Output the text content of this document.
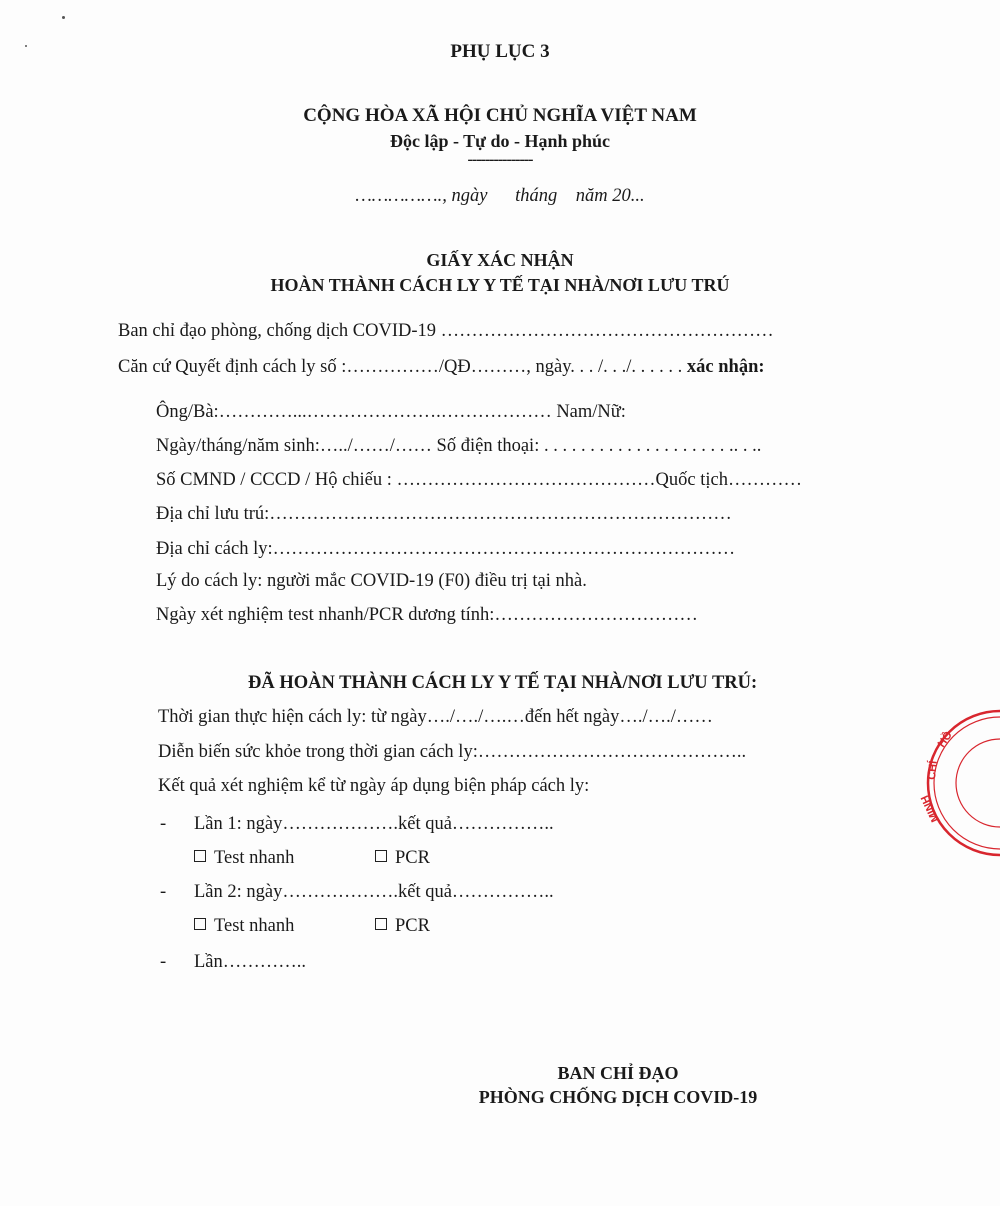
PHỤ LỤC 3
CỘNG HÒA XÃ HỘI CHỦ NGHĨA VIỆT NAM
Độc lập - Tự do - Hạnh phúc
---------------
……………., ngày      tháng    năm 20...
GIẤY XÁC NHẬN
HOÀN THÀNH CÁCH LY Y TẾ TẠI NHÀ/NƠI LƯU TRÚ
Ban chỉ đạo phòng, chống dịch COVID-19 ………………………………………………
Căn cứ Quyết định cách ly số :……………/QĐ………, ngày. . . /. . ./. . . . . . xác nhận:
Ông/Bà:…………...………………….……………… Nam/Nữ:
Ngày/tháng/năm sinh:…../……/…… Số điện thoại: . . . . . . . . . . . . . . . . . . . . .. . ..
Số CMND / CCCD / Hộ chiếu : ……………………………………Quốc tịch…………
Địa chỉ lưu trú:…………………………………………………………………
Địa chỉ cách ly:…………………………………………………………………
Lý do cách ly: người mắc COVID-19 (F0) điều trị tại nhà.
Ngày xét nghiệm test nhanh/PCR dương tính:……………………………
ĐÃ HOÀN THÀNH CÁCH LY Y TẾ TẠI NHÀ/NƠI LƯU TRÚ:
Thời gian thực hiện cách ly: từ ngày…./…./….…đến hết ngày…./…./……
Diễn biến sức khỏe trong thời gian cách ly:……………………………………..
Kết quả xét nghiệm kể từ ngày áp dụng biện pháp cách ly:
- Lần 1: ngày……………….kết quả……………..
Test nhanh	PCR
- Lần 2: ngày……………….kết quả……………..
Test nhanh	PCR
- Lần…………..
BAN CHỈ ĐẠO
PHÒNG CHỐNG DỊCH COVID-19
HỒ
CHÍ
MINH
